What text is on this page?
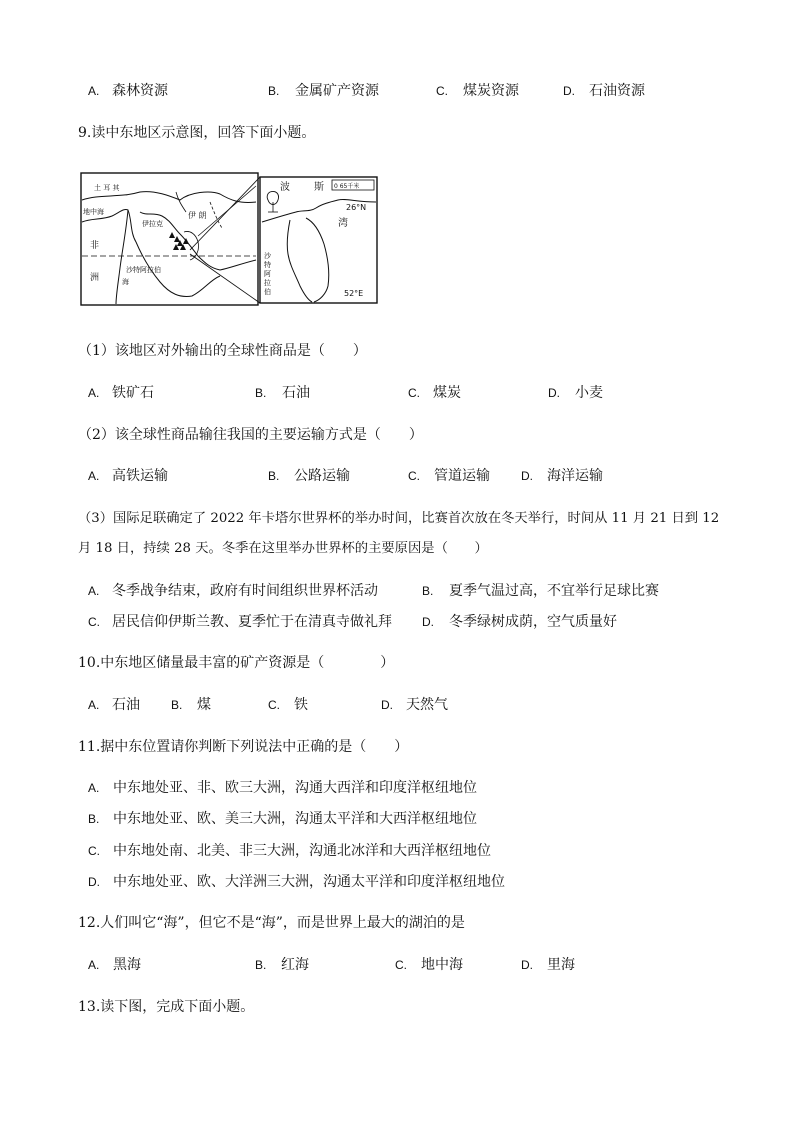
A. 森林资源	B. 金属矿产资源	C. 煤炭资源	D. 石油资源
9.读中东地区示意图，回答下面小题。
土 耳 其
地中海
伊拉克
伊 朗
非
洲	海
沙特阿拉伯
波 斯
湾
0 65千米
26°N
52°E
沙
特
阿
拉
伯
（1）该地区对外输出的全球性商品是（　　）
A. 铁矿石	B. 石油	C. 煤炭	D. 小麦
（2）该全球性商品输往我国的主要运输方式是（　　）
A. 高铁运输	B. 公路运输	C. 管道运输	D. 海洋运输
（3）国际足联确定了 2022 年卡塔尔世界杯的举办时间，比赛首次放在冬天举行，时间从 11 月 21 日到 12
月 18 日，持续 28 天。冬季在这里举办世界杯的主要原因是（　　）
A. 冬季战争结束，政府有时间组织世界杯活动	B. 夏季气温过高，不宜举行足球比赛
C. 居民信仰伊斯兰教、夏季忙于在清真寺做礼拜	D. 冬季绿树成荫，空气质量好
10.中东地区储量最丰富的矿产资源是（　　　　）
A. 石油	B. 煤	C. 铁	D. 天然气
11.据中东位置请你判断下列说法中正确的是（　　）
A. 中东地处亚、非、欧三大洲，沟通大西洋和印度洋枢纽地位
B. 中东地处亚、欧、美三大洲，沟通太平洋和大西洋枢纽地位
C. 中东地处南、北美、非三大洲，沟通北冰洋和大西洋枢纽地位
D. 中东地处亚、欧、大洋洲三大洲，沟通太平洋和印度洋枢纽地位
12.人们叫它“海”，但它不是“海”，而是世界上最大的湖泊的是
A. 黑海	B. 红海	C. 地中海	D. 里海
13.读下图，完成下面小题。
